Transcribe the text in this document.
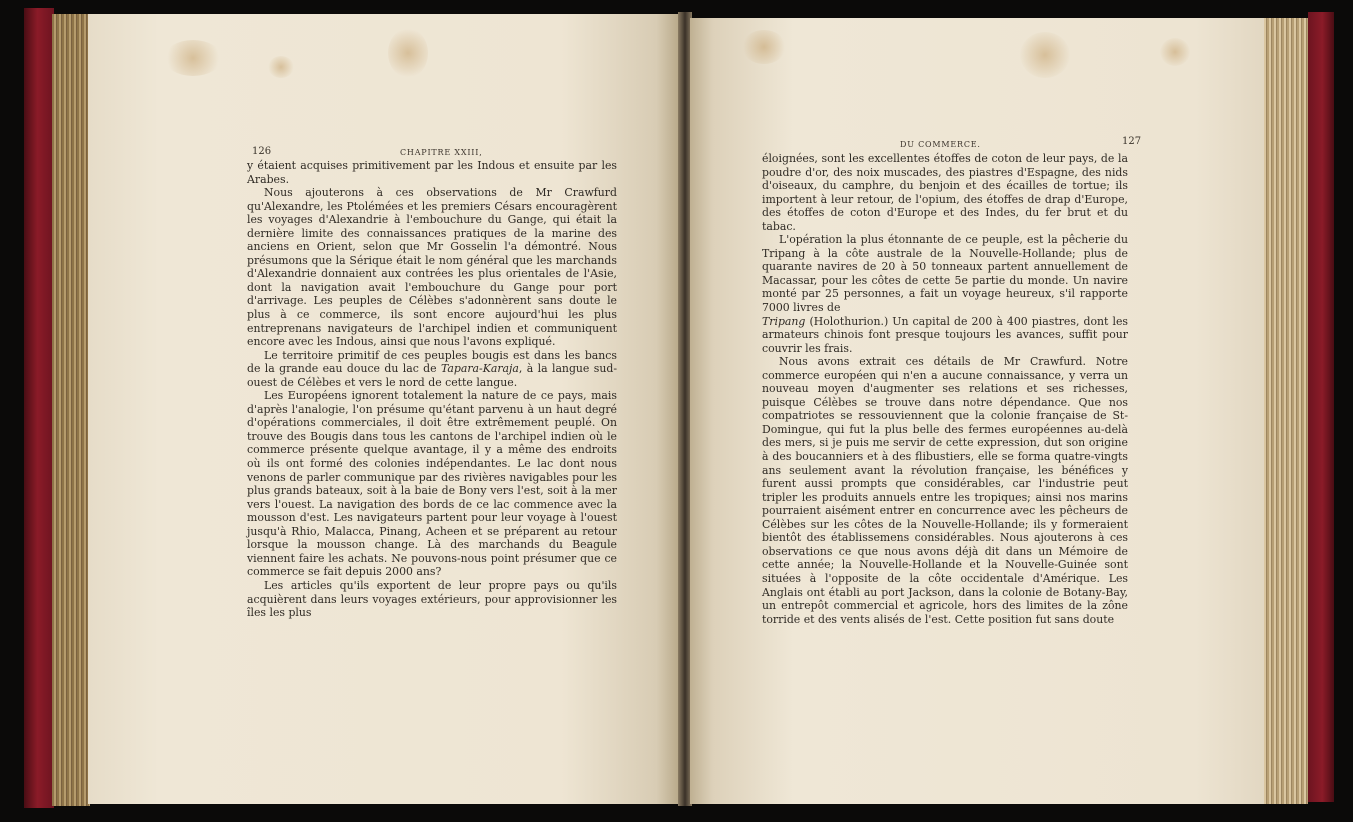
126	CHAPITRE XXIII,

y étaient acquises primitivement par les Indous et ensuite par les Arabes.

Nous ajouterons à ces observations de Mr Crawfurd qu'Alexandre, les Ptolémées et les premiers Césars encouragèrent les voyages d'Alexandrie à l'embouchure du Gange, qui était la dernière limite des connaissances pratiques de la marine des anciens en Orient, selon que Mr Gosselin l'a démontré. Nous présumons que la Sérique était le nom général que les marchands d'Alexandrie donnaient aux contrées les plus orientales de l'Asie, dont la navigation avait l'embouchure du Gange pour port d'arrivage. Les peuples de Célèbes s'adonnèrent sans doute le plus à ce commerce, ils sont encore aujourd'hui les plus entreprenans navigateurs de l'archipel indien et communiquent encore avec les Indous, ainsi que nous l'avons expliqué.

Le territoire primitif de ces peuples bougis est dans les bancs de la grande eau douce du lac de Tapara-Karaja, à la langue sud-ouest de Célèbes et vers le nord de cette langue.

Les Européens ignorent totalement la nature de ce pays, mais d'après l'analogie, l'on présume qu'étant parvenu à un haut degré d'opérations commerciales, il doit être extrêmement peuplé. On trouve des Bougis dans tous les cantons de l'archipel indien où le commerce présente quelque avantage, il y a même des endroits où ils ont formé des colonies indépendantes. Le lac dont nous venons de parler communique par des rivières navigables pour les plus grands bateaux, soit à la baie de Bony vers l'est, soit à la mer vers l'ouest. La navigation des bords de ce lac commence avec la mousson d'est. Les navigateurs partent pour leur voyage à l'ouest jusqu'à Rhio, Malacca, Pinang, Acheen et se préparent au retour lorsque la mousson change. Là des marchands du Beagule viennent faire les achats. Ne pouvons-nous point présumer que ce commerce se fait depuis 2000 ans?

Les articles qu'ils exportent de leur propre pays ou qu'ils acquièrent dans leurs voyages extérieurs, pour approvisionner les îles les plus

DU COMMERCE.	127

éloignées, sont les excellentes étoffes de coton de leur pays, de la poudre d'or, des noix muscades, des piastres d'Espagne, des nids d'oiseaux, du camphre, du benjoin et des écailles de tortue; ils importent à leur retour, de l'opium, des étoffes de drap d'Europe, des étoffes de coton d'Europe et des Indes, du fer brut et du tabac.

L'opération la plus étonnante de ce peuple, est la pêcherie du Tripang à la côte australe de la Nouvelle-Hollande; plus de quarante navires de 20 à 50 tonneaux partent annuellement de Macassar, pour les côtes de cette 5e partie du monde. Un navire monté par 25 personnes, a fait un voyage heureux, s'il rapporte 7000 livres de

Tripang (Holothurion.) Un capital de 200 à 400 piastres, dont les armateurs chinois font presque toujours les avances, suffit pour couvrir les frais.

Nous avons extrait ces détails de Mr Crawfurd. Notre commerce européen qui n'en a aucune connaissance, y verra un nouveau moyen d'augmenter ses relations et ses richesses, puisque Célèbes se trouve dans notre dépendance. Que nos compatriotes se ressouviennent que la colonie française de St-Domingue, qui fut la plus belle des fermes européennes au-delà des mers, si je puis me servir de cette expression, dut son origine à des boucanniers et à des flibustiers, elle se forma quatre-vingts ans seulement avant la révolution française, les bénéfices y furent aussi prompts que considérables, car l'industrie peut tripler les produits annuels entre les tropiques; ainsi nos marins pourraient aisément entrer en concurrence avec les pêcheurs de Célèbes sur les côtes de la Nouvelle-Hollande; ils y formeraient bientôt des établissemens considérables. Nous ajouterons à ces observations ce que nous avons déjà dit dans un Mémoire de cette année; la Nouvelle-Hollande et la Nouvelle-Guinée sont situées à l'opposite de la côte occidentale d'Amérique. Les Anglais ont établi au port Jackson, dans la colonie de Botany-Bay, un entrepôt commercial et agricole, hors des limites de la zône torride et des vents alisés de l'est. Cette position fut sans doute
